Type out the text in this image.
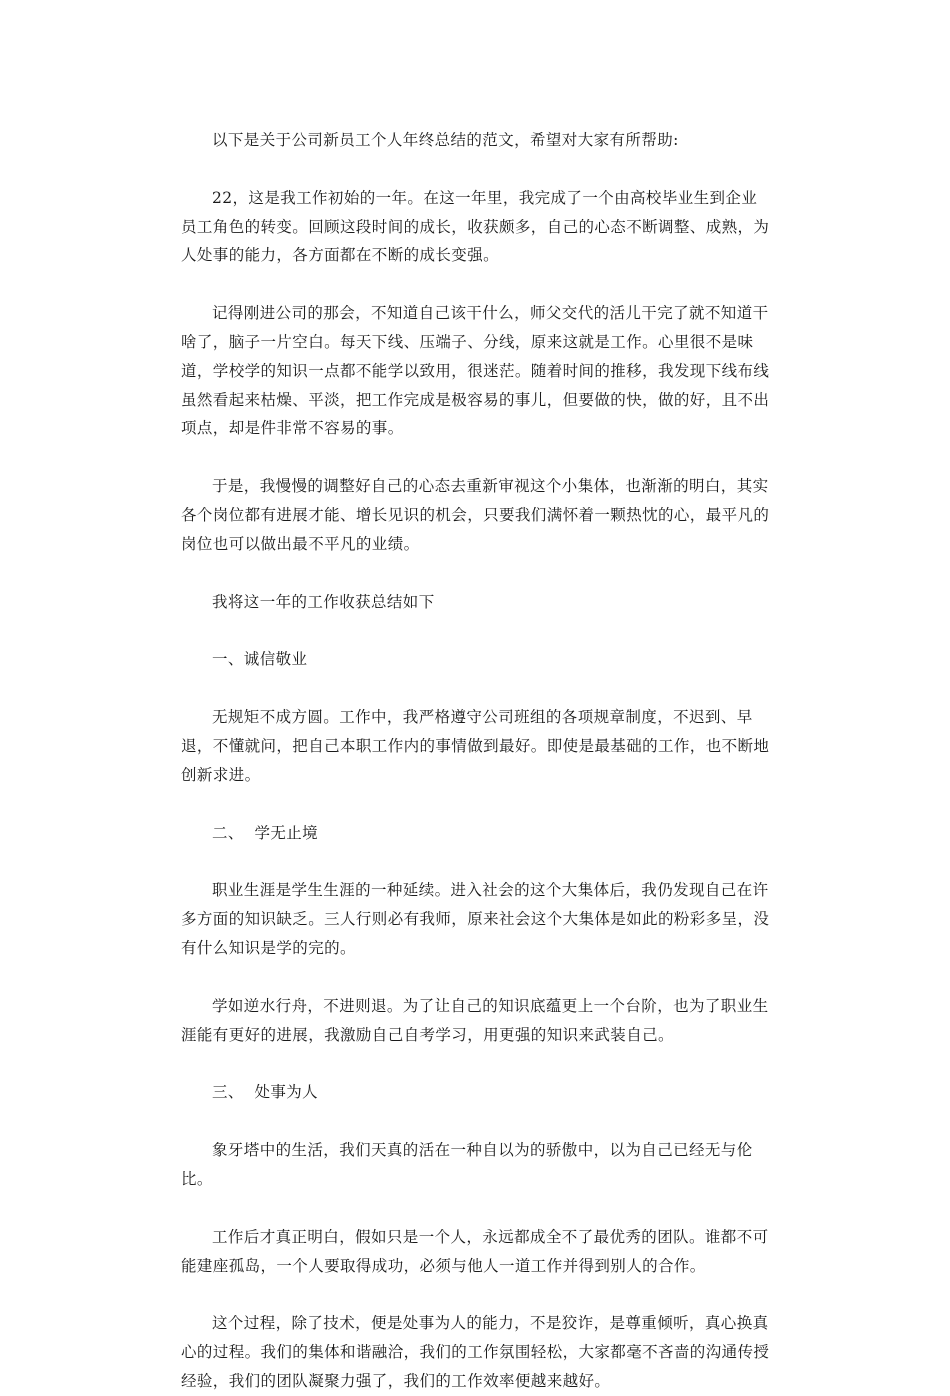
以下是关于公司新员工个人年终总结的范文，希望对大家有所帮助:

22，这是我工作初始的一年。在这一年里，我完成了一个由高校毕业生到企业员工角色的转变。回顾这段时间的成长，收获颇多，自己的心态不断调整、成熟，为人处事的能力，各方面都在不断的成长变强。

记得刚进公司的那会，不知道自己该干什么，师父交代的活儿干完了就不知道干啥了，脑子一片空白。每天下线、压端子、分线，原来这就是工作。心里很不是味道，学校学的知识一点都不能学以致用，很迷茫。随着时间的推移，我发现下线布线虽然看起来枯燥、平淡，把工作完成是极容易的事儿，但要做的快，做的好，且不出项点，却是件非常不容易的事。

于是，我慢慢的调整好自己的心态去重新审视这个小集体，也渐渐的明白，其实各个岗位都有进展才能、增长见识的机会，只要我们满怀着一颗热忱的心，最平凡的岗位也可以做出最不平凡的业绩。

我将这一年的工作收获总结如下

一、诚信敬业

无规矩不成方圆。工作中，我严格遵守公司班组的各项规章制度，不迟到、早退，不懂就问，把自己本职工作内的事情做到最好。即使是最基础的工作，也不断地创新求进。

二、  学无止境

职业生涯是学生生涯的一种延续。进入社会的这个大集体后，我仍发现自己在许多方面的知识缺乏。三人行则必有我师，原来社会这个大集体是如此的粉彩多呈，没有什么知识是学的完的。

学如逆水行舟，不进则退。为了让自己的知识底蕴更上一个台阶，也为了职业生涯能有更好的进展，我激励自己自考学习，用更强的知识来武装自己。

三、  处事为人

象牙塔中的生活，我们天真的活在一种自以为的骄傲中，以为自己已经无与伦比。

工作后才真正明白，假如只是一个人，永远都成全不了最优秀的团队。谁都不可能建座孤岛，一个人要取得成功，必须与他人一道工作并得到别人的合作。

这个过程，除了技术，便是处事为人的能力，不是狡诈，是尊重倾听，真心换真心的过程。我们的集体和谐融洽，我们的工作氛围轻松，大家都毫不吝啬的沟通传授经验，我们的团队凝聚力强了，我们的工作效率便越来越好。
